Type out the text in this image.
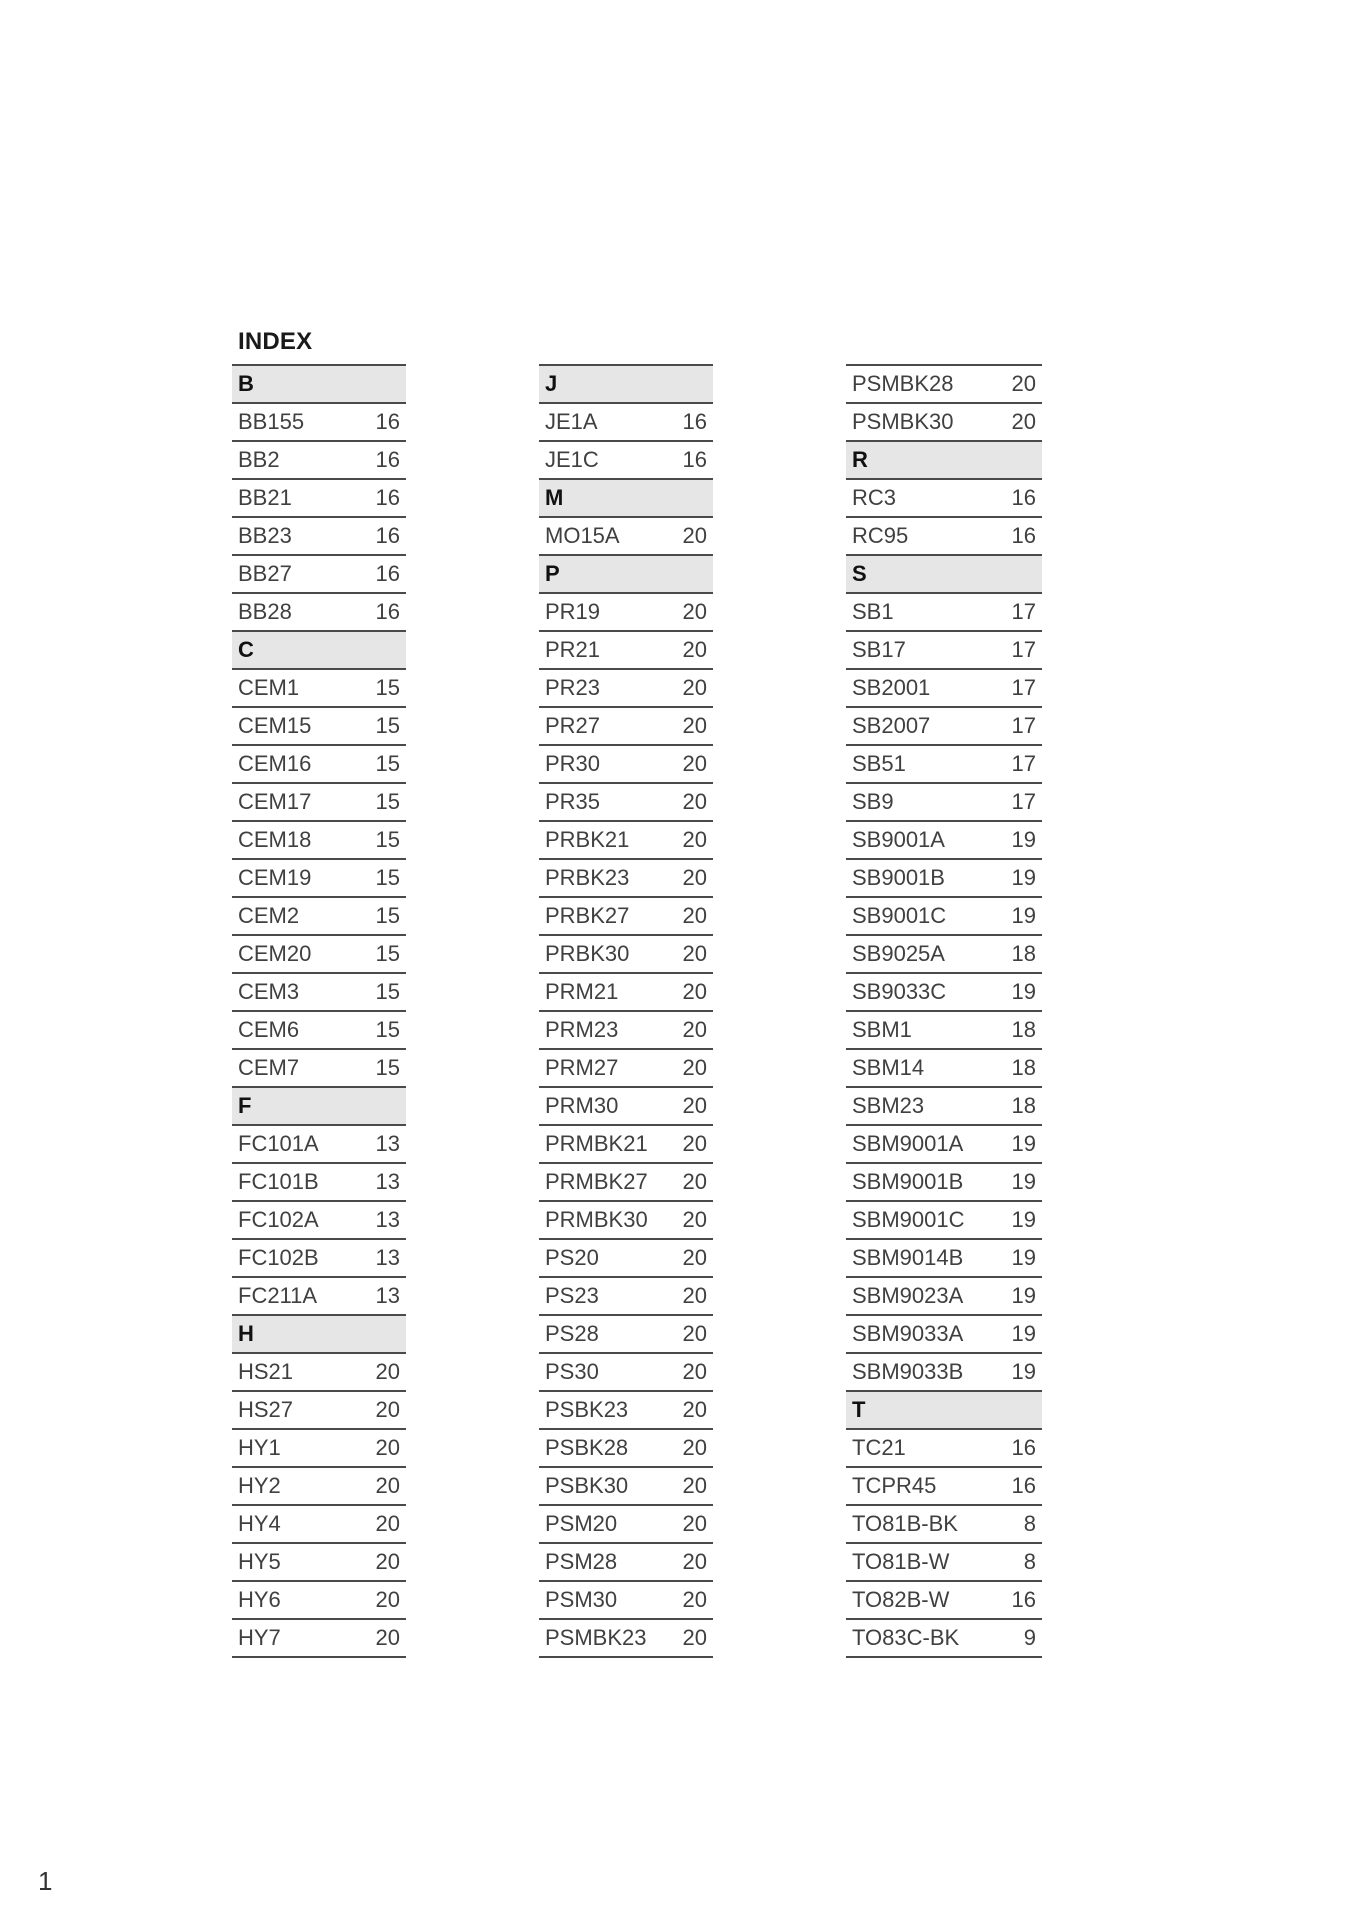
INDEX
B
BB155	16
BB2	16
BB21	16
BB23	16
BB27	16
BB28	16
C
CEM1	15
CEM15	15
CEM16	15
CEM17	15
CEM18	15
CEM19	15
CEM2	15
CEM20	15
CEM3	15
CEM6	15
CEM7	15
F
FC101A	13
FC101B	13
FC102A	13
FC102B	13
FC211A	13
H
HS21	20
HS27	20
HY1	20
HY2	20
HY4	20
HY5	20
HY6	20
HY7	20
J
JE1A	16
JE1C	16
M
MO15A	20
P
PR19	20
PR21	20
PR23	20
PR27	20
PR30	20
PR35	20
PRBK21 20
PRBK23 20
PRBK27 20
PRBK30 20
PRM21	20
PRM23	20
PRM27	20
PRM30	20
PRMBK21 20
PRMBK27 20
PRMBK30 20
PS20	20
PS23	20
PS28	20
PS30	20
PSBK23 20
PSBK28 20
PSBK30 20
PSM20	20
PSM28	20
PSM30	20
PSMBK23 20
PSMBK28	20
PSMBK30	20
R
RC3	16
RC95	16
S
SB1	17
SB17	17
SB2001	17
SB2007	17
SB51	17
SB9	17
SB9001A	19
SB9001B	19
SB9001C	19
SB9025A	18
SB9033C	19
SBM1	18
SBM14	18
SBM23	18
SBM9001A 19
SBM9001B 19
SBM9001C 19
SBM9014B 19
SBM9023A 19
SBM9033A 19
SBM9033B 19
T
TC21	16
TCPR45	16
TO81B-BK	8
TO81B-W	8
TO82B-W	16
TO83C-BK	9
1
